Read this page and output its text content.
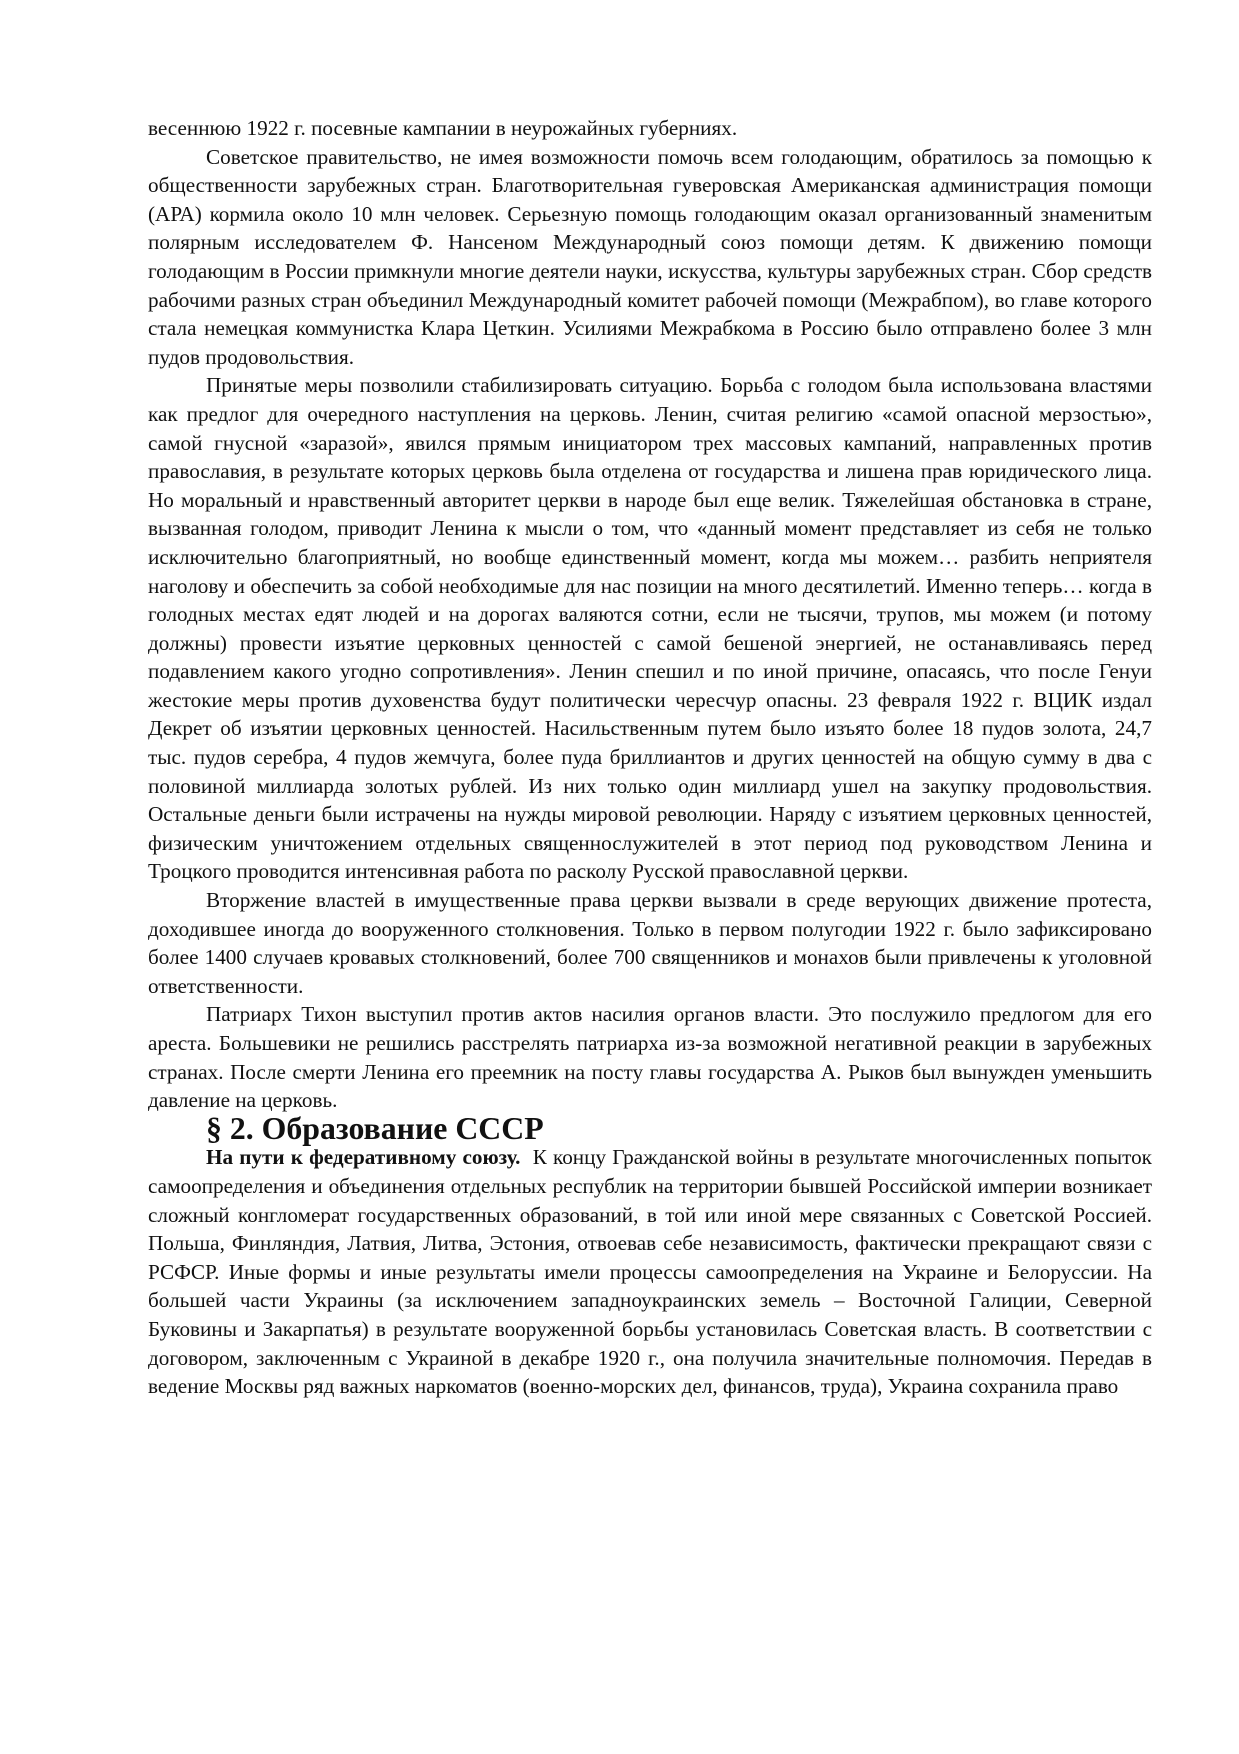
весеннюю 1922 г. посевные кампании в неурожайных губерниях.

Советское правительство, не имея возможности помочь всем голодающим, обратилось за помощью к общественности зарубежных стран. Благотворительная гуверовская Американская администрация помощи (АРА) кормила около 10 млн человек. Серьезную помощь голодающим оказал организованный знаменитым полярным исследователем Ф. Нансеном Международный союз помощи детям. К движению помощи голодающим в России примкнули многие деятели науки, искусства, культуры зарубежных стран. Сбор средств рабочими разных стран объединил Международный комитет рабочей помощи (Межрабпом), во главе которого стала немецкая коммунистка Клара Цеткин. Усилиями Межрабкома в Россию было отправлено более 3 млн пудов продовольствия.

Принятые меры позволили стабилизировать ситуацию. Борьба с голодом была использована властями как предлог для очередного наступления на церковь. Ленин, считая религию «самой опасной мерзостью», самой гнусной «заразой», явился прямым инициатором трех массовых кампаний, направленных против православия, в результате которых церковь была отделена от государства и лишена прав юридического лица. Но моральный и нравственный авторитет церкви в народе был еще велик. Тяжелейшая обстановка в стране, вызванная голодом, приводит Ленина к мысли о том, что «данный момент представляет из себя не только исключительно благоприятный, но вообще единственный момент, когда мы можем… разбить неприятеля наголову и обеспечить за собой необходимые для нас позиции на много десятилетий. Именно теперь… когда в голодных местах едят людей и на дорогах валяются сотни, если не тысячи, трупов, мы можем (и потому должны) провести изъятие церковных ценностей с самой бешеной энергией, не останавливаясь перед подавлением какого угодно сопротивления». Ленин спешил и по иной причине, опасаясь, что после Генуи жестокие меры против духовенства будут политически чересчур опасны. 23 февраля 1922 г. ВЦИК издал Декрет об изъятии церковных ценностей. Насильственным путем было изъято более 18 пудов золота, 24,7 тыс. пудов серебра, 4 пудов жемчуга, более пуда бриллиантов и других ценностей на общую сумму в два с половиной миллиарда золотых рублей. Из них только один миллиард ушел на закупку продовольствия. Остальные деньги были истрачены на нужды мировой революции. Наряду с изъятием церковных ценностей, физическим уничтожением отдельных священнослужителей в этот период под руководством Ленина и Троцкого проводится интенсивная работа по расколу Русской православной церкви.

Вторжение властей в имущественные права церкви вызвали в среде верующих движение протеста, доходившее иногда до вооруженного столкновения. Только в первом полугодии 1922 г. было зафиксировано более 1400 случаев кровавых столкновений, более 700 священников и монахов были привлечены к уголовной ответственности.

Патриарх Тихон выступил против актов насилия органов власти. Это послужило предлогом для его ареста. Большевики не решились расстрелять патриарха из-за возможной негативной реакции в зарубежных странах. После смерти Ленина его преемник на посту главы государства А. Рыков был вынужден уменьшить давление на церковь.

§ 2. Образование СССР

На пути к федеративному союзу. К концу Гражданской войны в результате многочисленных попыток самоопределения и объединения отдельных республик на территории бывшей Российской империи возникает сложный конгломерат государственных образований, в той или иной мере связанных с Советской Россией. Польша, Финляндия, Латвия, Литва, Эстония, отвоевав себе независимость, фактически прекращают связи с РСФСР. Иные формы и иные результаты имели процессы самоопределения на Украине и Белоруссии. На большей части Украины (за исключением западноукраинских земель – Восточной Галиции, Северной Буковины и Закарпатья) в результате вооруженной борьбы установилась Советская власть. В соответствии с договором, заключенным с Украиной в декабре 1920 г., она получила значительные полномочия. Передав в ведение Москвы ряд важных наркоматов (военно-морских дел, финансов, труда), Украина сохранила право
